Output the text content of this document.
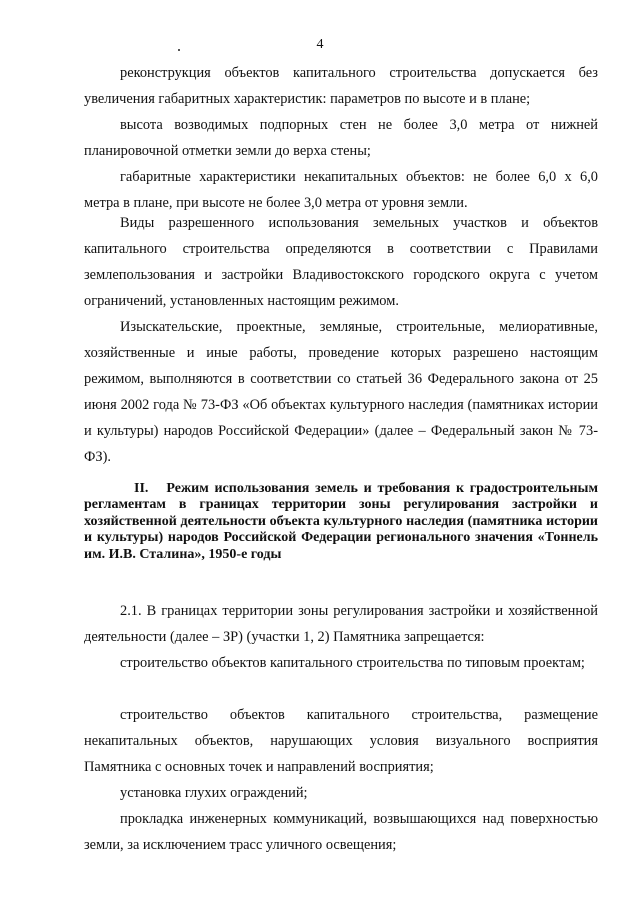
4

реконструкция объектов капитального строительства допускается без увеличения габаритных характеристик: параметров по высоте и в плане;

высота возводимых подпорных стен не более 3,0 метра от нижней планировочной отметки земли до верха стены;

габаритные характеристики некапитальных объектов: не более 6,0 х 6,0 метра в плане, при высоте не более 3,0 метра от уровня земли.

Виды разрешенного использования земельных участков и объектов капитального строительства определяются в соответствии с Правилами землепользования и застройки Владивостокского городского округа с учетом ограничений, установленных настоящим режимом.

Изыскательские, проектные, земляные, строительные, мелиоративные, хозяйственные и иные работы, проведение которых разрешено настоящим режимом, выполняются в соответствии со статьей 36 Федерального закона от 25 июня 2002 года № 73-ФЗ «Об объектах культурного наследия (памятниках истории и культуры) народов Российской Федерации» (далее – Федеральный закон № 73-ФЗ).

II. Режим использования земель и требования к градостроительным регламентам в границах территории зоны регулирования застройки и хозяйственной деятельности объекта культурного наследия (памятника истории и культуры) народов Российской Федерации регионального значения «Тоннель им. И.В. Сталина», 1950-е годы

2.1. В границах территории зоны регулирования застройки и хозяйственной деятельности (далее – ЗР) (участки 1, 2) Памятника запрещается:

строительство объектов капитального строительства по типовым проектам;

строительство объектов капитального строительства, размещение некапитальных объектов, нарушающих условия визуального восприятия Памятника с основных точек и направлений восприятия;

установка глухих ограждений;

прокладка инженерных коммуникаций, возвышающихся над поверхностью земли, за исключением трасс уличного освещения;
